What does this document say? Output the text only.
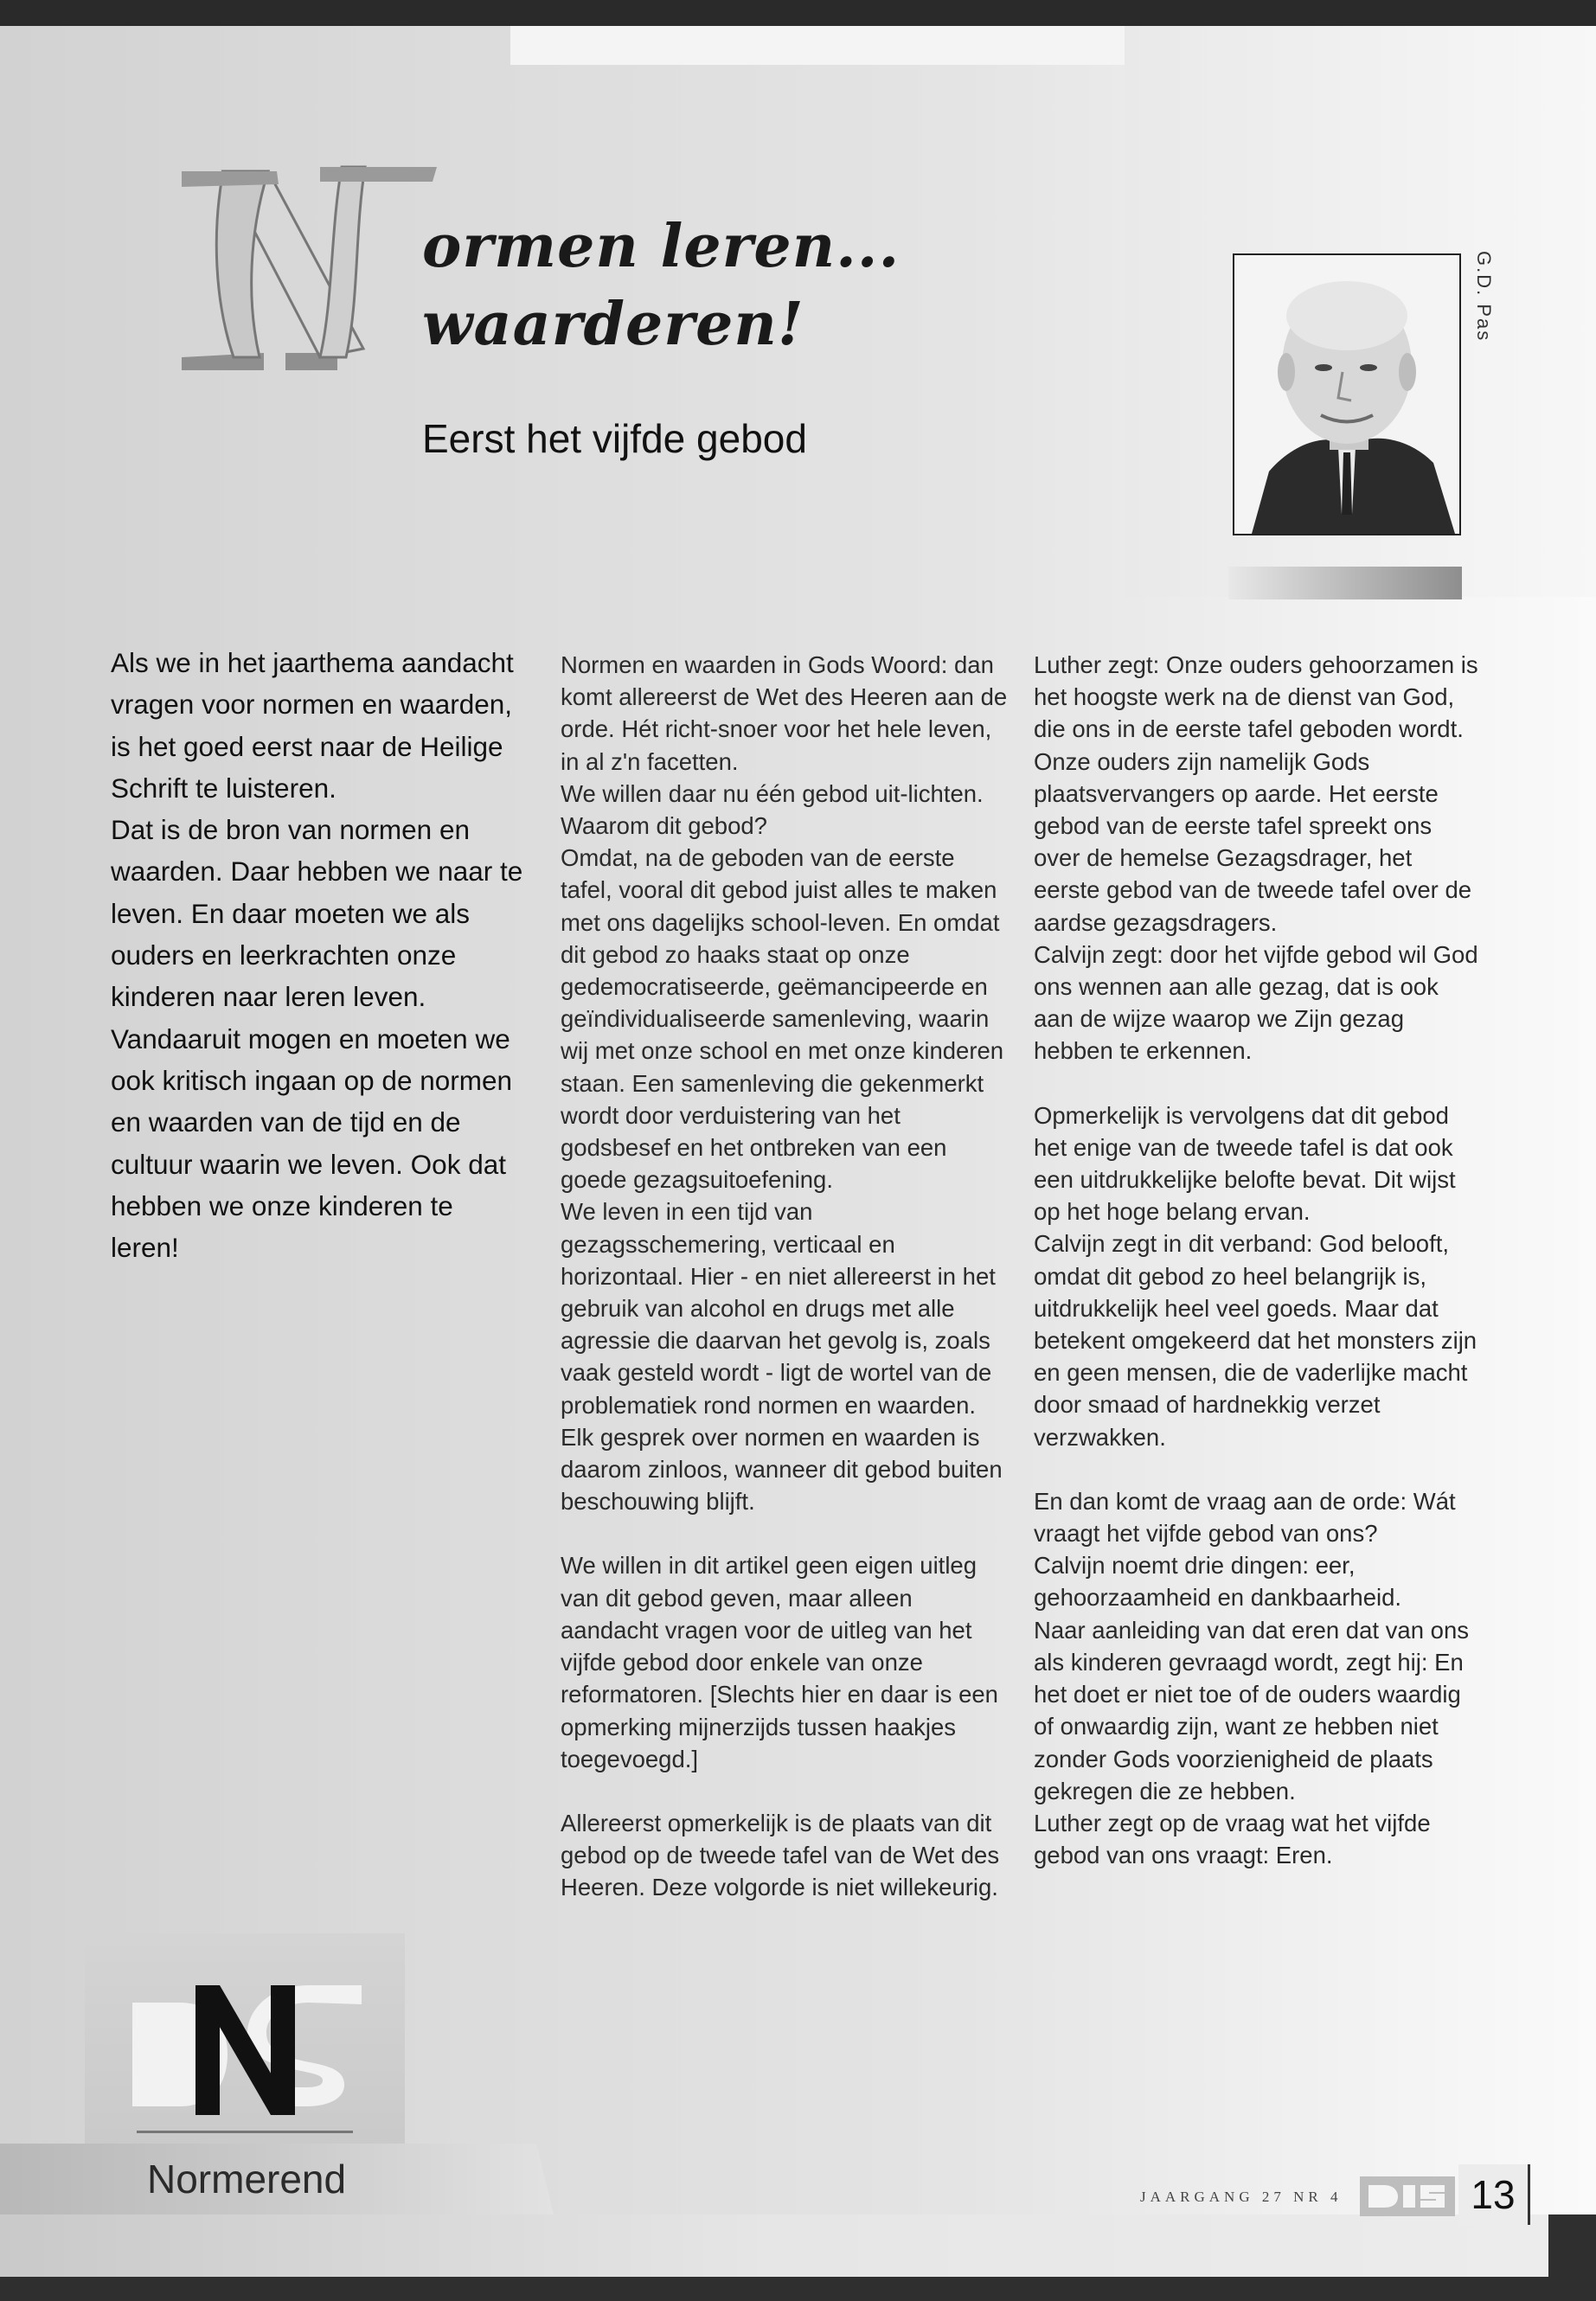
N
ormen leren...
waarderen!
Eerst het vijfde gebod
G.D. Pas

Als we in het jaarthema aandacht vragen voor normen en waarden, is het goed eerst naar de Heilige Schrift te luisteren.

Dat is de bron van normen en waarden. Daar hebben we naar te leven. En daar moeten we als ouders en leerkrachten onze kinderen naar leren leven. Vandaaruit mogen en moeten we ook kritisch ingaan op de normen en waarden van de tijd en de cultuur waarin we leven. Ook dat hebben we onze kinderen te leren!

Normen en waarden in Gods Woord: dan komt allereerst de Wet des Heeren aan de orde. Hét richt-snoer voor het hele leven, in al z'n facetten.

We willen daar nu één gebod uit-lichten. Waarom dit gebod?

Omdat, na de geboden van de eerste tafel, vooral dit gebod juist alles te maken met ons dagelijks school-leven. En omdat dit gebod zo haaks staat op onze gedemocratiseerde, geëmancipeerde en geïndividualiseerde samenleving, waarin wij met onze school en met onze kinderen staan. Een samenleving die gekenmerkt wordt door verduistering van het godsbesef en het ontbreken van een goede gezagsuitoefening.

We leven in een tijd van gezagsschemering, verticaal en horizontaal. Hier - en niet allereerst in het gebruik van alcohol en drugs met alle agressie die daarvan het gevolg is, zoals vaak gesteld wordt - ligt de wortel van de problematiek rond normen en waarden. Elk gesprek over normen en waarden is daarom zinloos, wanneer dit gebod buiten beschouwing blijft.

We willen in dit artikel geen eigen uitleg van dit gebod geven, maar alleen aandacht vragen voor de uitleg van het vijfde gebod door enkele van onze reformatoren. [Slechts hier en daar is een opmerking mijnerzijds tussen haakjes toegevoegd.]

Allereerst opmerkelijk is de plaats van dit gebod op de tweede tafel van de Wet des Heeren. Deze volgorde is niet willekeurig.

Luther zegt: Onze ouders gehoorzamen is het hoogste werk na de dienst van God, die ons in de eerste tafel geboden wordt. Onze ouders zijn namelijk Gods plaatsvervangers op aarde. Het eerste gebod van de eerste tafel spreekt ons over de hemelse Gezagsdrager, het eerste gebod van de tweede tafel over de aardse gezagsdragers.

Calvijn zegt: door het vijfde gebod wil God ons wennen aan alle gezag, dat is ook aan de wijze waarop we Zijn gezag hebben te erkennen.

Opmerkelijk is vervolgens dat dit gebod het enige van de tweede tafel is dat ook een uitdrukkelijke belofte bevat. Dit wijst op het hoge belang ervan.

Calvijn zegt in dit verband: God belooft, omdat dit gebod zo heel belangrijk is, uitdrukkelijk heel veel goeds. Maar dat betekent omgekeerd dat het monsters zijn en geen mensen, die de vaderlijke macht door smaad of hardnekkig verzet verzwakken.

En dan komt de vraag aan de orde: Wát vraagt het vijfde gebod van ons?

Calvijn noemt drie dingen: eer, gehoorzaamheid en dankbaarheid.

Naar aanleiding van dat eren dat van ons als kinderen gevraagd wordt, zegt hij: En het doet er niet toe of de ouders waardig of onwaardig zijn, want ze hebben niet zonder Gods voorzienigheid de plaats gekregen die ze hebben.

Luther zegt op de vraag wat het vijfde gebod van ons vraagt: Eren.

DNS

Normerend	JAARGANG 27 NR 4	13
